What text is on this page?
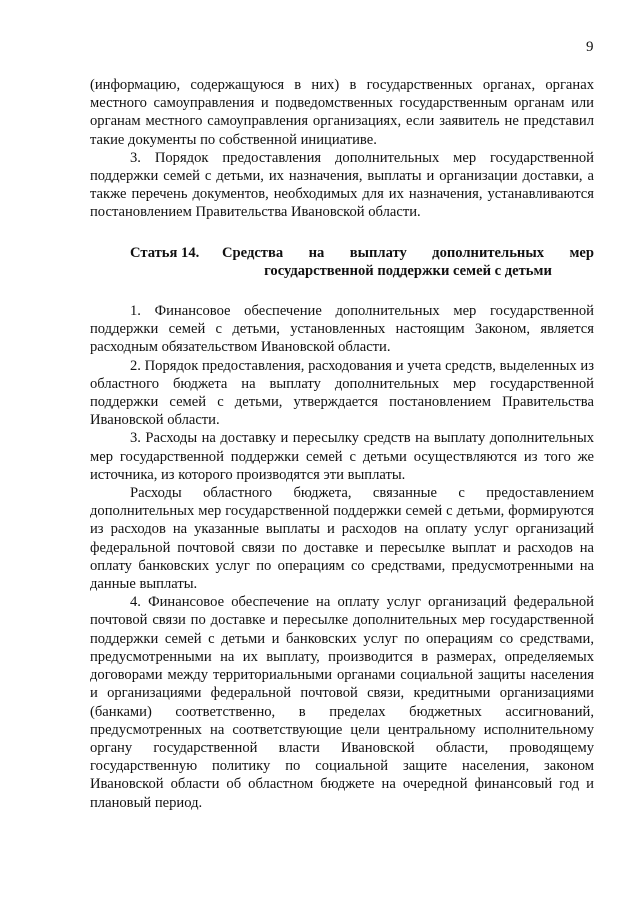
9

(информацию, содержащуюся в них) в государственных органах, органах местного самоуправления и подведомственных государственным органам или органам местного самоуправления организациях, если заявитель не представил такие документы по собственной инициативе.

3. Порядок предоставления дополнительных мер государственной поддержки семей с детьми, их назначения, выплаты и организации доставки, а также перечень документов, необходимых для их назначения, устанавливаются постановлением Правительства Ивановской области.

Статья 14.	Средства на выплату дополнительных мер государственной поддержки семей с детьми

1. Финансовое обеспечение дополнительных мер государственной поддержки семей с детьми, установленных настоящим Законом, является расходным обязательством Ивановской области.

2. Порядок предоставления, расходования и учета средств, выделенных из областного бюджета на выплату дополнительных мер государственной поддержки семей с детьми, утверждается постановлением Правительства Ивановской области.

3. Расходы на доставку и пересылку средств на выплату дополнительных мер государственной поддержки семей с детьми осуществляются из того же источника, из которого производятся эти выплаты.

Расходы областного бюджета, связанные с предоставлением дополнительных мер государственной поддержки семей с детьми, формируются из расходов на указанные выплаты и расходов на оплату услуг организаций федеральной почтовой связи по доставке и пересылке выплат и расходов на оплату банковских услуг по операциям со средствами, предусмотренными на данные выплаты.

4. Финансовое обеспечение на оплату услуг организаций федеральной почтовой связи по доставке и пересылке дополнительных мер государственной поддержки семей с детьми и банковских услуг по операциям со средствами, предусмотренными на их выплату, производится в размерах, определяемых договорами между территориальными органами социальной защиты населения и организациями федеральной почтовой связи, кредитными организациями (банками) соответственно, в пределах бюджетных ассигнований, предусмотренных на соответствующие цели центральному исполнительному органу государственной власти Ивановской области, проводящему государственную политику по социальной защите населения, законом Ивановской области об областном бюджете на очередной финансовый год и плановый период.
